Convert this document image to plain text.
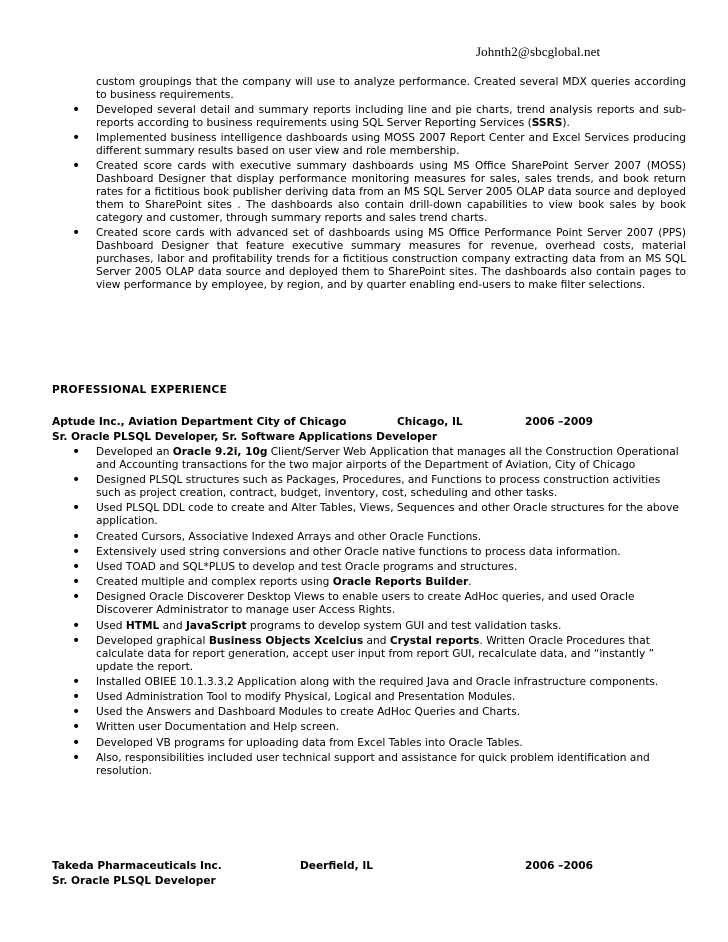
Johnth2@sbcglobal.net
custom groupings that the company will use to analyze performance. Created several MDX queries according to business requirements.
• Developed several detail and summary reports including line and pie charts, trend analysis reports and sub-reports according to business requirements using SQL Server Reporting Services (SSRS).
• Implemented business intelligence dashboards using MOSS 2007 Report Center and Excel Services producing different summary results based on user view and role membership.
• Created score cards with executive summary dashboards using MS Office SharePoint Server 2007 (MOSS) Dashboard Designer that display performance monitoring measures for sales, sales trends, and book return rates for a fictitious book publisher deriving data from an MS SQL Server 2005 OLAP data source and deployed them to SharePoint sites . The dashboards also contain drill-down capabilities to view book sales by book category and customer, through summary reports and sales trend charts.
• Created score cards with advanced set of dashboards using MS Office Performance Point Server 2007 (PPS) Dashboard Designer that feature executive summary measures for revenue, overhead costs, material purchases, labor and profitability trends for a fictitious construction company extracting data from an MS SQL Server 2005 OLAP data source and deployed them to SharePoint sites. The dashboards also contain pages to view performance by employee, by region, and by quarter enabling end-users to make filter selections.
PROFESSIONAL EXPERIENCE
Aptude Inc., Aviation Department City of Chicago	Chicago, IL	2006 –2009
Sr. Oracle PLSQL Developer, Sr. Software Applications Developer
• Developed an Oracle 9.2i, 10g Client/Server Web Application that manages all the Construction Operational and Accounting transactions for the two major airports of the Department of Aviation, City of Chicago
• Designed PLSQL structures such as Packages, Procedures, and Functions to process construction activities such as project creation, contract, budget, inventory, cost, scheduling and other tasks.
• Used PLSQL DDL code to create and Alter Tables, Views, Sequences and other Oracle structures for the above application.
• Created Cursors, Associative Indexed Arrays and other Oracle Functions.
• Extensively used string conversions and other Oracle native functions to process data information.
• Used TOAD and SQL*PLUS to develop and test Oracle programs and structures.
• Created multiple and complex reports using Oracle Reports Builder.
• Designed Oracle Discoverer Desktop Views to enable users to create AdHoc queries, and used Oracle Discoverer Administrator to manage user Access Rights.
• Used HTML and JavaScript programs to develop system GUI and test validation tasks.
• Developed graphical Business Objects Xcelcius and Crystal reports. Written Oracle Procedures that calculate data for report generation, accept user input from report GUI, recalculate data, and “instantly ” update the report.
• Installed OBIEE 10.1.3.3.2 Application along with the required Java and Oracle infrastructure components.
• Used Administration Tool to modify Physical, Logical and Presentation Modules.
• Used the Answers and Dashboard Modules to create AdHoc Queries and Charts.
• Written user Documentation and Help screen.
• Developed VB programs for uploading data from Excel Tables into Oracle Tables.
• Also, responsibilities included user technical support and assistance for quick problem identification and resolution.
Takeda Pharmaceuticals Inc.	Deerfield, IL	2006 –2006
Sr. Oracle PLSQL Developer
